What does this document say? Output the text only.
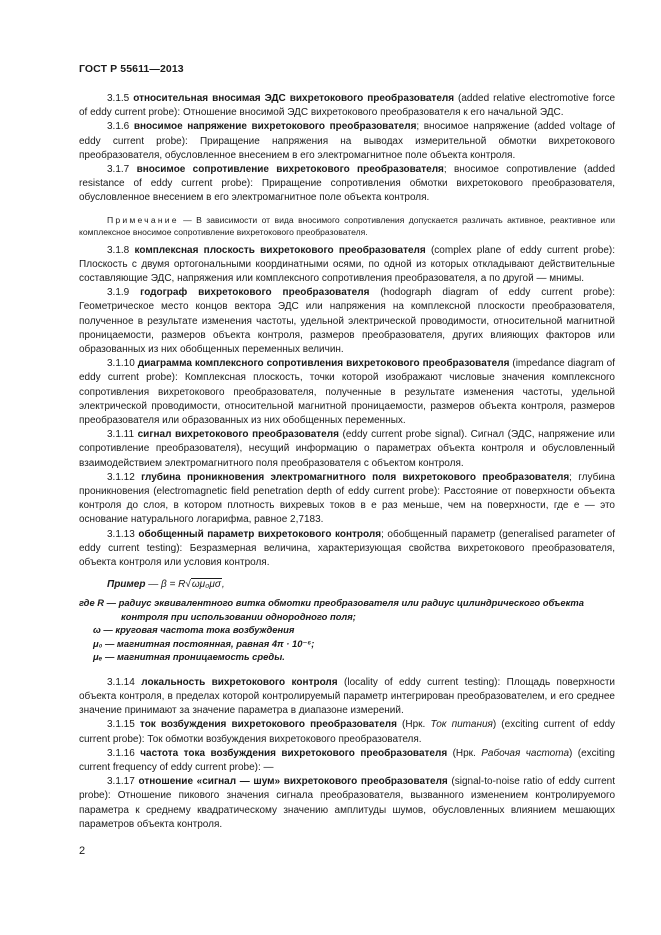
ГОСТ Р 55611—2013

3.1.5 относительная вносимая ЭДС вихретокового преобразователя (added relative electromotive force of eddy current probe): Отношение вносимой ЭДС вихретокового преобразователя к его начальной ЭДС.

3.1.6 вносимое напряжение вихретокового преобразователя; вносимое напряжение (added voltage of eddy current probe): Приращение напряжения на выводах измерительной обмотки вихретокового преобразователя, обусловленное внесением в его электромагнитное поле объекта контроля.

3.1.7 вносимое сопротивление вихретокового преобразователя; вносимое сопротивление (added resistance of eddy current probe): Приращение сопротивления обмотки вихретокового преобразователя, обусловленное внесением в его электромагнитное поле объекта контроля.

Примечание — В зависимости от вида вносимого сопротивления допускается различать активное, реактивное или комплексное вносимое сопротивление вихретокового преобразователя.

3.1.8 комплексная плоскость вихретокового преобразователя (complex plane of eddy current probe): Плоскость с двумя ортогональными координатными осями, по одной из которых откладывают действительные составляющие ЭДС, напряжения или комплексного сопротивления преобразователя, а по другой — мнимы.

3.1.9 годограф вихретокового преобразователя (hodograph diagram of eddy current probe): Геометрическое место концов вектора ЭДС или напряжения на комплексной плоскости преобразователя, полученное в результате изменения частоты, удельной электрической проводимости, относительной магнитной проницаемости, размеров объекта контроля, размеров преобразователя, других влияющих факторов или образованных из них обобщенных переменных величин.

3.1.10 диаграмма комплексного сопротивления вихретокового преобразователя (impedance diagram of eddy current probe): Комплексная плоскость, точки которой изображают числовые значения комплексного сопротивления вихретокового преобразователя, полученные в результате изменения частоты, удельной электрической проводимости, относительной магнитной проницаемости, размеров объекта контроля, размеров преобразователя или образованных из них обобщенных переменных.

3.1.11 сигнал вихретокового преобразователя (eddy current probe signal). Сигнал (ЭДС, напряжение или сопротивление преобразователя), несущий информацию о параметрах объекта контроля и обусловленный взаимодействием электромагнитного поля преобразователя с объектом контроля.

3.1.12 глубина проникновения электромагнитного поля вихретокового преобразователя; глубина проникновения (electromagnetic field penetration depth of eddy current probe): Расстояние от поверхности объекта контроля до слоя, в котором плотность вихревых токов в e раз меньше, чем на поверхности, где e — это основание натурального логарифма, равное 2,7183.

3.1.13 обобщенный параметр вихретокового контроля; обобщенный параметр (generalised parameter of eddy current testing): Безразмерная величина, характеризующая свойства вихретокового преобразователя, объекта контроля или условия контроля.

Пример — β = R√ωμ₀μσ,
где R — радиус эквивалентного витка обмотки преобразователя или радиус цилиндрического объекта
контроля при использовании однородного поля;
ω — круговая частота тока возбуждения
μ₀ — магнитная постоянная, равная 4π · 10⁻⁶;
μₑ — магнитная проницаемость среды.

3.1.14 локальность вихретокового контроля (locality of eddy current testing): Площадь поверхности объекта контроля, в пределах которой контролируемый параметр интегрирован преобразователем, и его среднее значение принимают за значение параметра в диапазоне измерений.

3.1.15 ток возбуждения вихретокового преобразователя (Нрк. Ток питания) (exciting current of eddy current probe): Ток обмотки возбуждения вихретокового преобразователя.

3.1.16 частота тока возбуждения вихретокового преобразователя (Нрк. Рабочая частота) (exciting current frequency of eddy current probe): —

3.1.17 отношение «сигнал — шум» вихретокового преобразователя (signal-to-noise ratio of eddy current probe): Отношение пикового значения сигнала преобразователя, вызванного изменением контролируемого параметра к среднему квадратическому значению амплитуды шумов, обусловленных влиянием мешающих параметров объекта контроля.

2
